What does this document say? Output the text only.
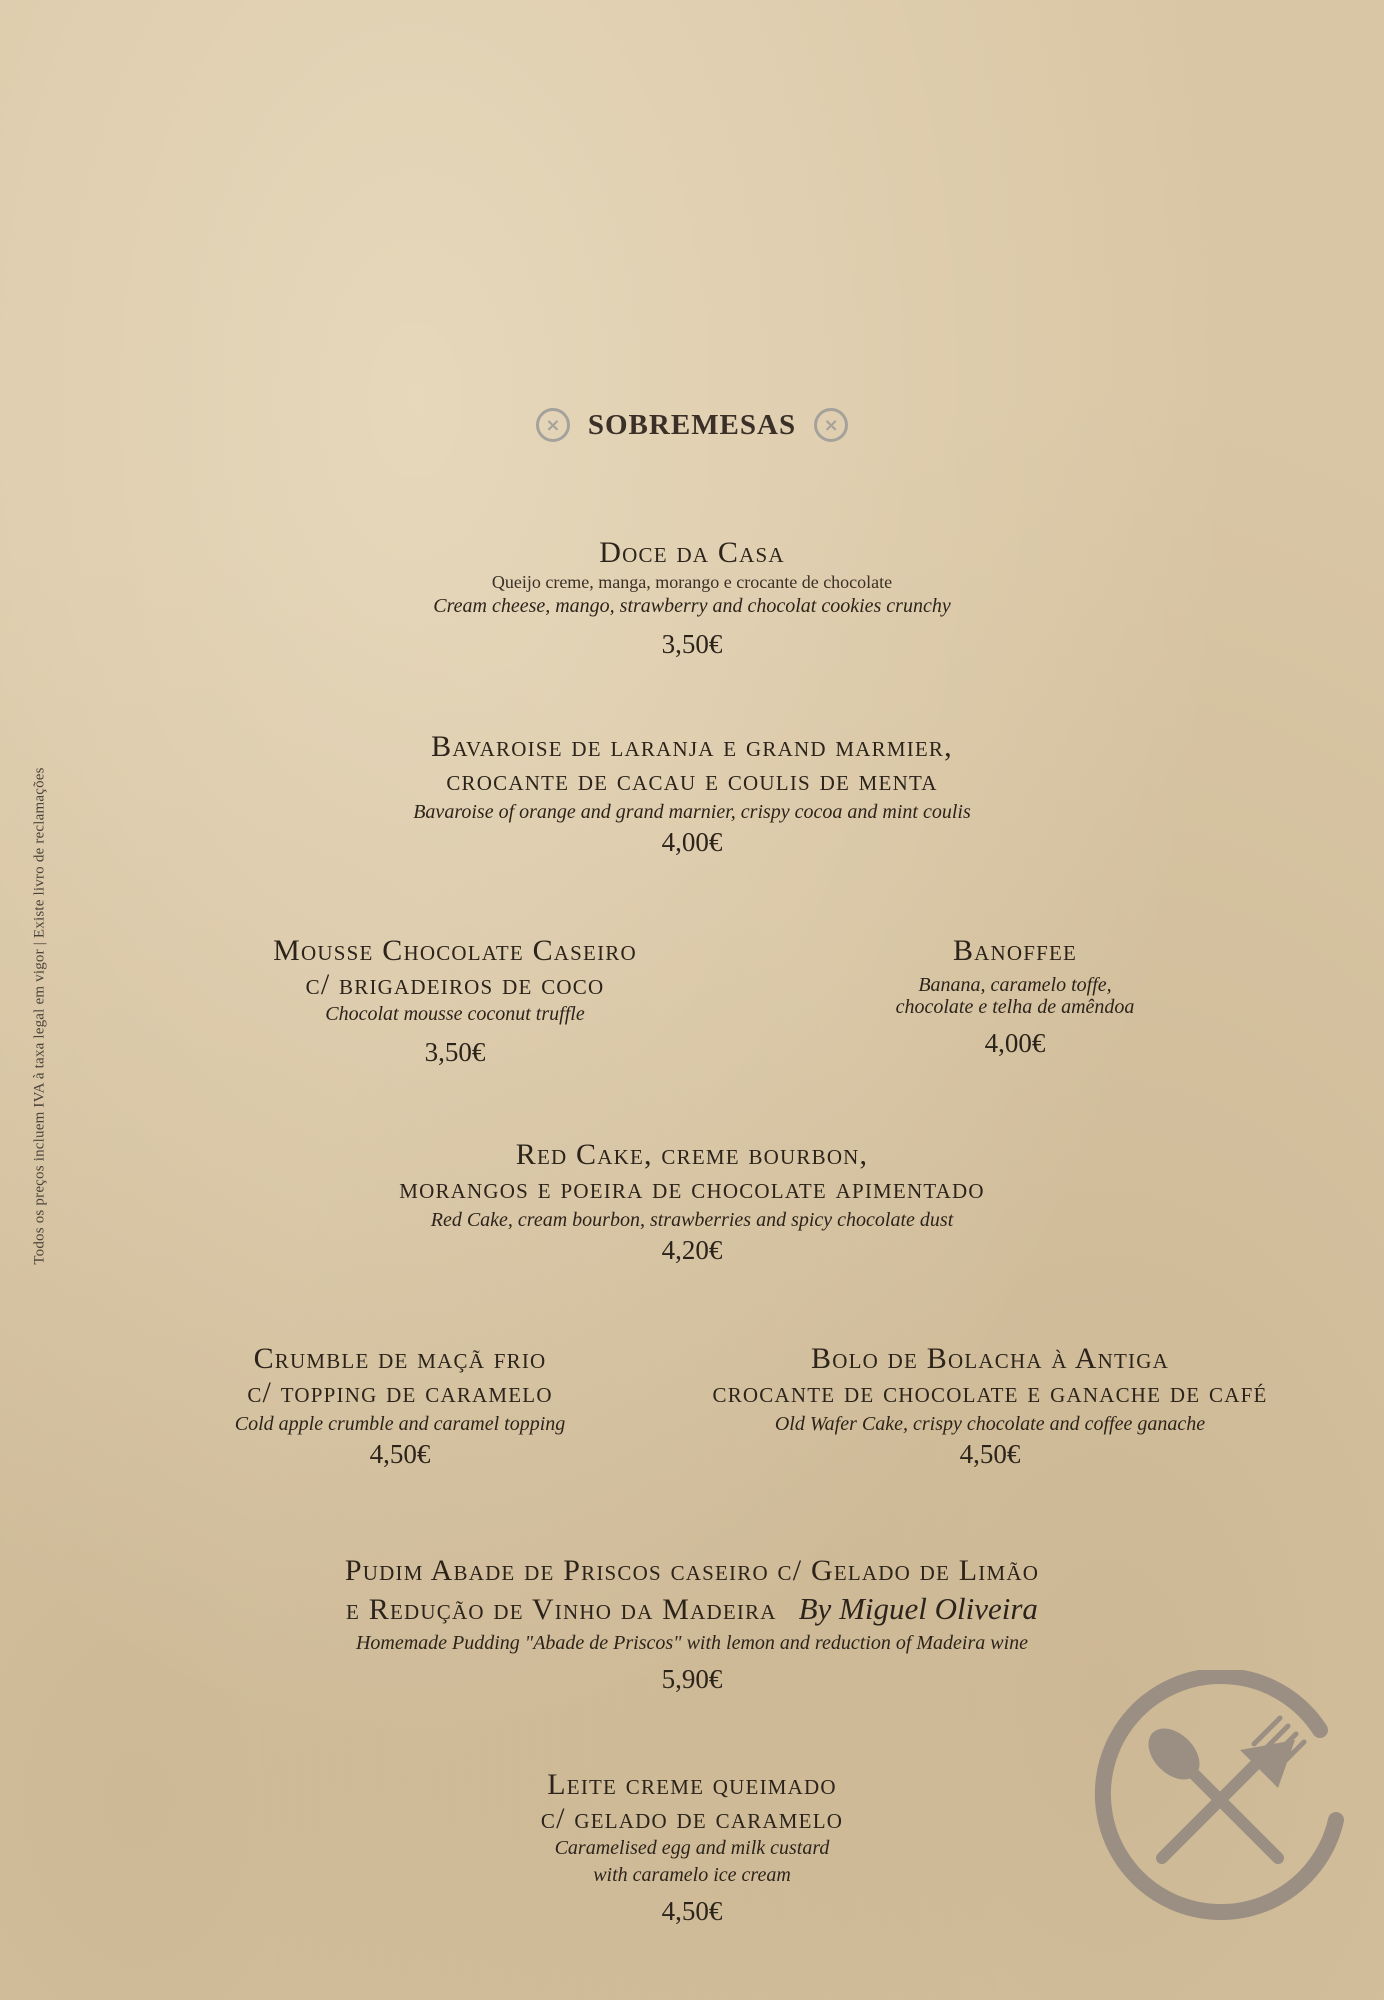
Todos os preços incluem IVA à taxa legal em vigor | Existe livro de reclamações
× SOBREMESAS	×
Doce da Casa
Queijo creme, manga, morango e crocante de chocolate
Cream cheese, mango, strawberry and chocolat cookies crunchy
3,50€
Bavaroise de laranja e grand marmier,
crocante de cacau e coulis de menta
Bavaroise of orange and grand marnier, crispy cocoa and mint coulis
4,00€
Mousse Chocolate Caseiro
c/ brigadeiros de coco
Chocolat mousse coconut truffle
3,50€
Banoffee
Banana, caramelo toffe,
chocolate e telha de amêndoa
4,00€
Red Cake, creme bourbon,
morangos e poeira de chocolate apimentado
Red Cake, cream bourbon, strawberries and spicy chocolate dust
4,20€
Crumble de maçã frio
c/ topping de caramelo
Cold apple crumble and caramel topping
4,50€
Bolo de Bolacha à Antiga
crocante de chocolate e ganache de café
Old Wafer Cake, crispy chocolate and coffee ganache
4,50€
Pudim Abade de Priscos caseiro c/ Gelado de Limão
e Redução de Vinho da Madeira By Miguel Oliveira
Homemade Pudding "Abade de Priscos" with lemon and reduction of Madeira wine
5,90€
Leite creme queimado
c/ gelado de caramelo
Caramelised egg and milk custard
with caramelo ice cream
4,50€
